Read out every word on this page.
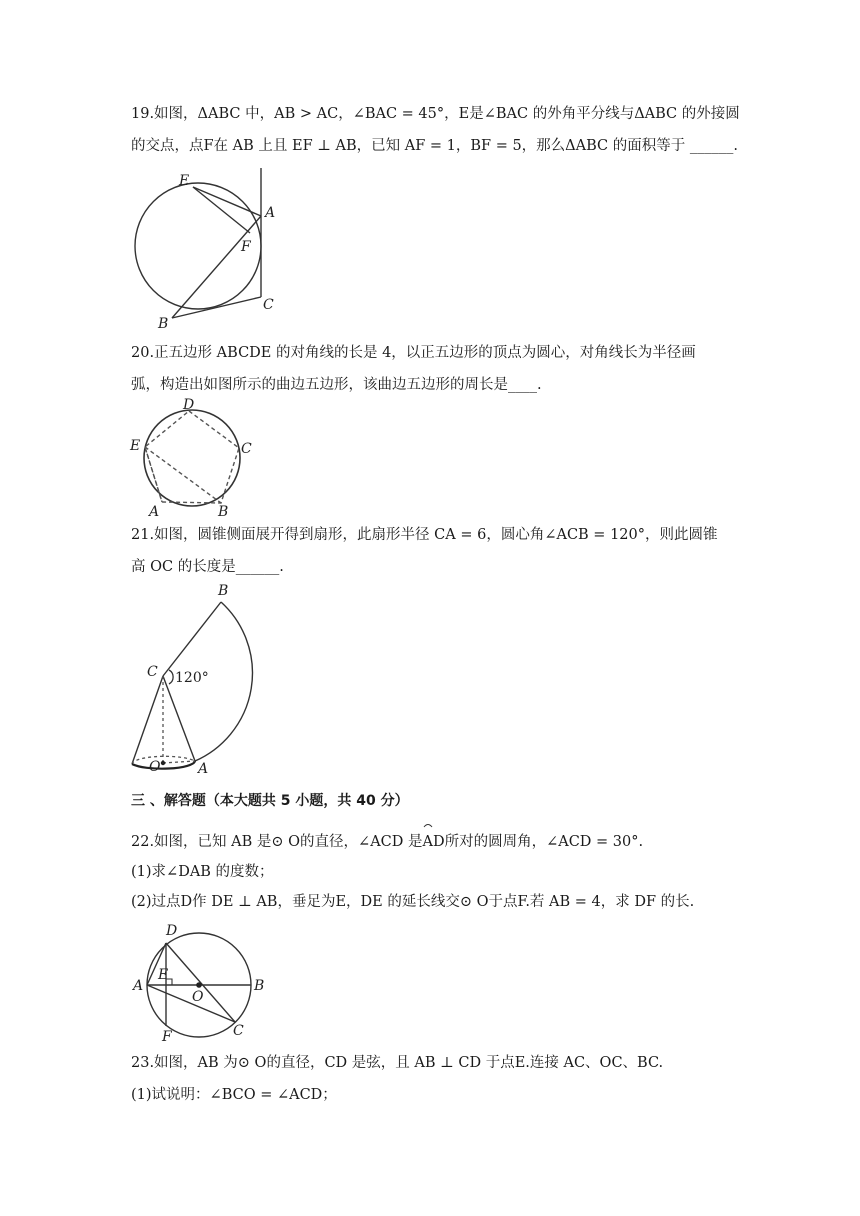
19.如图，ΔABC 中，AB > AC，∠BAC = 45°，E是∠BAC 的外角平分线与ΔABC 的外接圆
的交点，点F在 AB 上且 EF ⊥ AB，已知 AF = 1，BF = 5，那么ΔABC 的面积等于 ______.
E
A
F
B
C
20.正五边形 ABCDE 的对角线的长是 4，以正五边形的顶点为圆心，对角线长为半径画
弧，构造出如图所示的曲边五边形，该曲边五边形的周长是____.
D
E	C
A	B
21.如图，圆锥侧面展开得到扇形，此扇形半径 CA = 6，圆心角∠ACB = 120°，则此圆锥
高 OC 的长度是______.
B
C 120°
O	A
三 、解答题（本大题共 5 小题，共 40 分）
22.如图，已知 AB 是⊙ O的直径，∠ACD 是AD所对的圆周角，∠ACD = 30°.
(1)求∠DAB 的度数；
(2)过点D作 DE ⊥ AB，垂足为E，DE 的延长线交⊙ O于点F.若 AB = 4，求 DF 的长.
D
E
A
O
B
F	C
23.如图，AB 为⊙ O的直径，CD 是弦，且 AB ⊥ CD 于点E.连接 AC、OC、BC.
(1)试说明：∠BCO = ∠ACD；
